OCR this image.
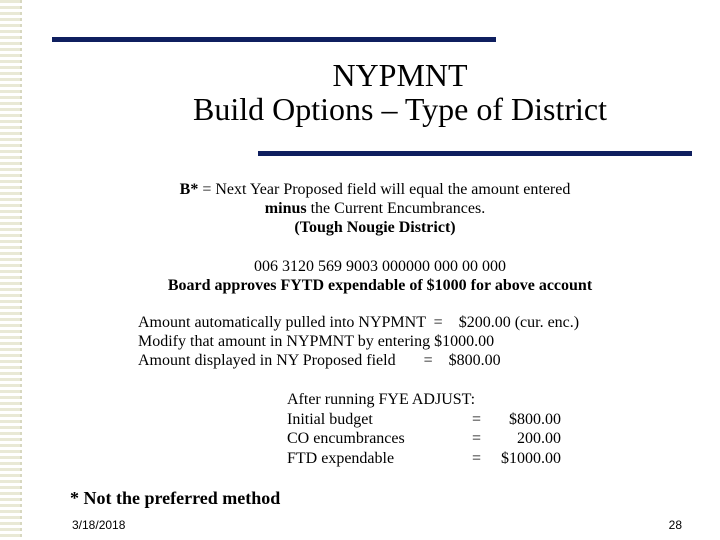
NYPMNT
Build Options – Type of District
B* = Next Year Proposed field will equal the amount entered
minus the Current Encumbrances.
(Tough Nougie District)
006 3120 569 9003 000000 000 00 000
Board approves FYTD expendable of $1000 for above account
Amount automatically pulled into NYPMNT  =    $200.00 (cur. enc.)
Modify that amount in NYPMNT by entering $1000.00
Amount displayed in NY Proposed field       =    $800.00
After running FYE ADJUST:
Initial budget	= $800.00
CO encumbrances	= 200.00
FTD expendable	= $1000.00
* Not the preferred method
3/18/2018	28
